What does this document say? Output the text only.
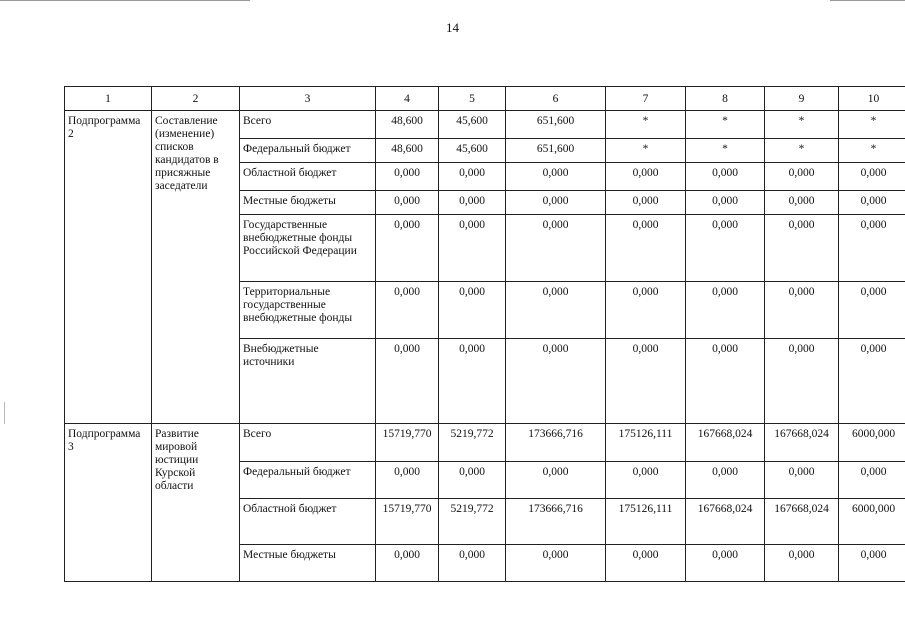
14
1	2	3	4	5	6	7	8	9	10
Подпрограмма 2	Составление (изменение) списков кандидатов в присяжные заседатели	Всего	48,600	45,600	651,600	*	*	*	*
		Федеральный бюджет	48,600	45,600	651,600	*	*	*	*
		Областной бюджет	0,000	0,000	0,000	0,000	0,000	0,000	0,000
		Местные бюджеты	0,000	0,000	0,000	0,000	0,000	0,000	0,000
		Государственные внебюджетные фонды Российской Федерации	0,000	0,000	0,000	0,000	0,000	0,000	0,000
		Территориальные государственные внебюджетные фонды	0,000	0,000	0,000	0,000	0,000	0,000	0,000
		Внебюджетные источники	0,000	0,000	0,000	0,000	0,000	0,000	0,000
Подпрограмма 3	Развитие мировой юстиции Курской области	Всего	15719,770	5219,772	173666,716	175126,111	167668,024	167668,024	6000,000
		Федеральный бюджет	0,000	0,000	0,000	0,000	0,000	0,000	0,000
		Областной бюджет	15719,770	5219,772	173666,716	175126,111	167668,024	167668,024	6000,000
		Местные бюджеты	0,000	0,000	0,000	0,000	0,000	0,000	0,000
